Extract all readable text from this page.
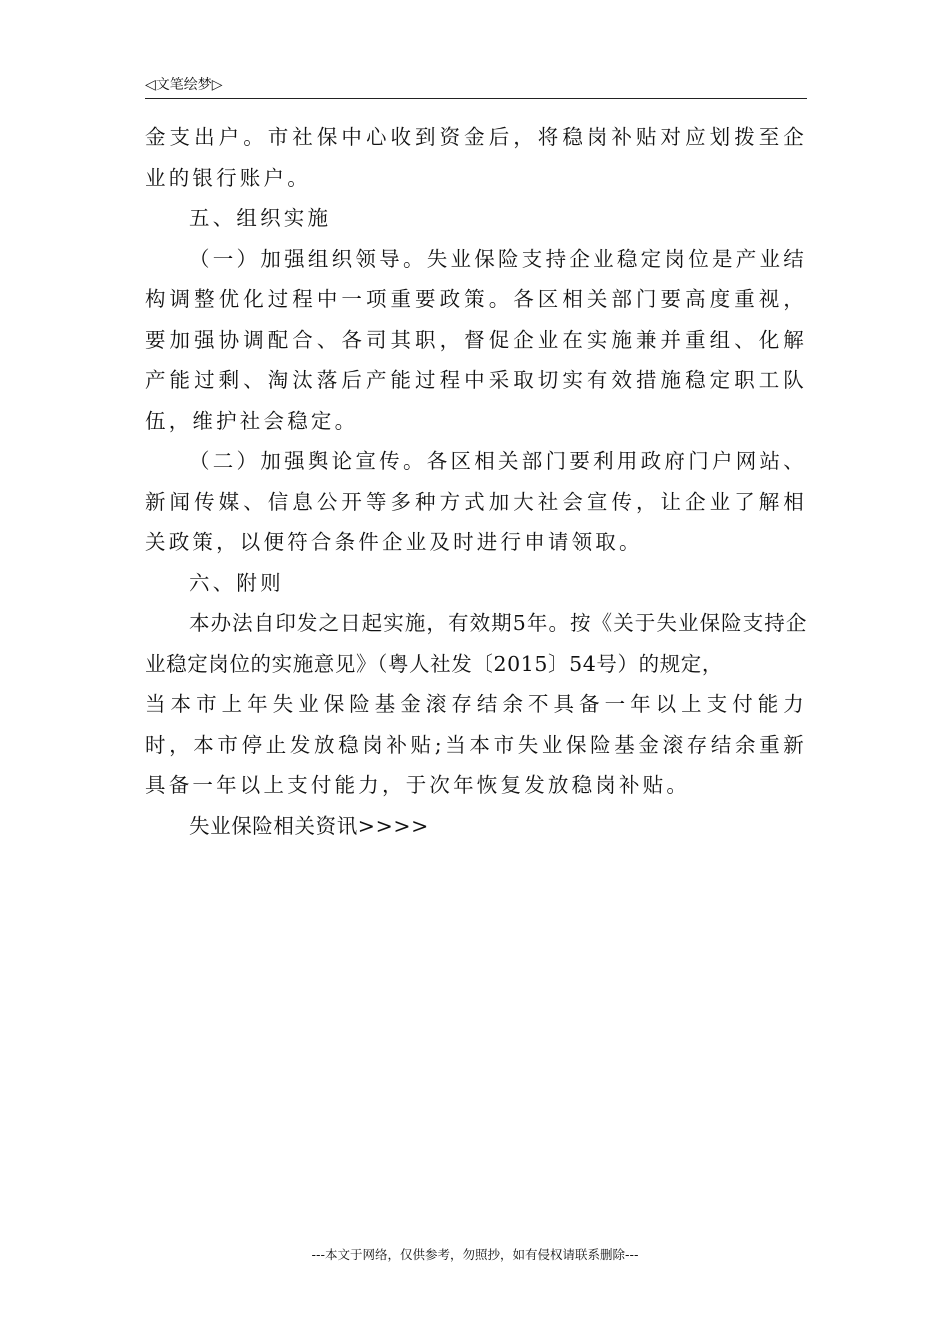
◁文笔绘梦▷

金支出户。市社保中心收到资金后，将稳岗补贴对应划拨至企业的银行账户。

五、组织实施

（一）加强组织领导。失业保险支持企业稳定岗位是产业结构调整优化过程中一项重要政策。各区相关部门要高度重视，要加强协调配合、各司其职，督促企业在实施兼并重组、化解产能过剩、淘汰落后产能过程中采取切实有效措施稳定职工队伍，维护社会稳定。

（二）加强舆论宣传。各区相关部门要利用政府门户网站、新闻传媒、信息公开等多种方式加大社会宣传，让企业了解相关政策，以便符合条件企业及时进行申请领取。

六、附则

本办法自印发之日起实施，有效期5年。按《关于失业保险支持企业稳定岗位的实施意见》（粤人社发〔2015〕54号）的规定，

当本市上年失业保险基金滚存结余不具备一年以上支付能力时，本市停止发放稳岗补贴;当本市失业保险基金滚存结余重新具备一年以上支付能力，于次年恢复发放稳岗补贴。

失业保险相关资讯>>>>

---本文于网络，仅供参考，勿照抄，如有侵权请联系删除---
